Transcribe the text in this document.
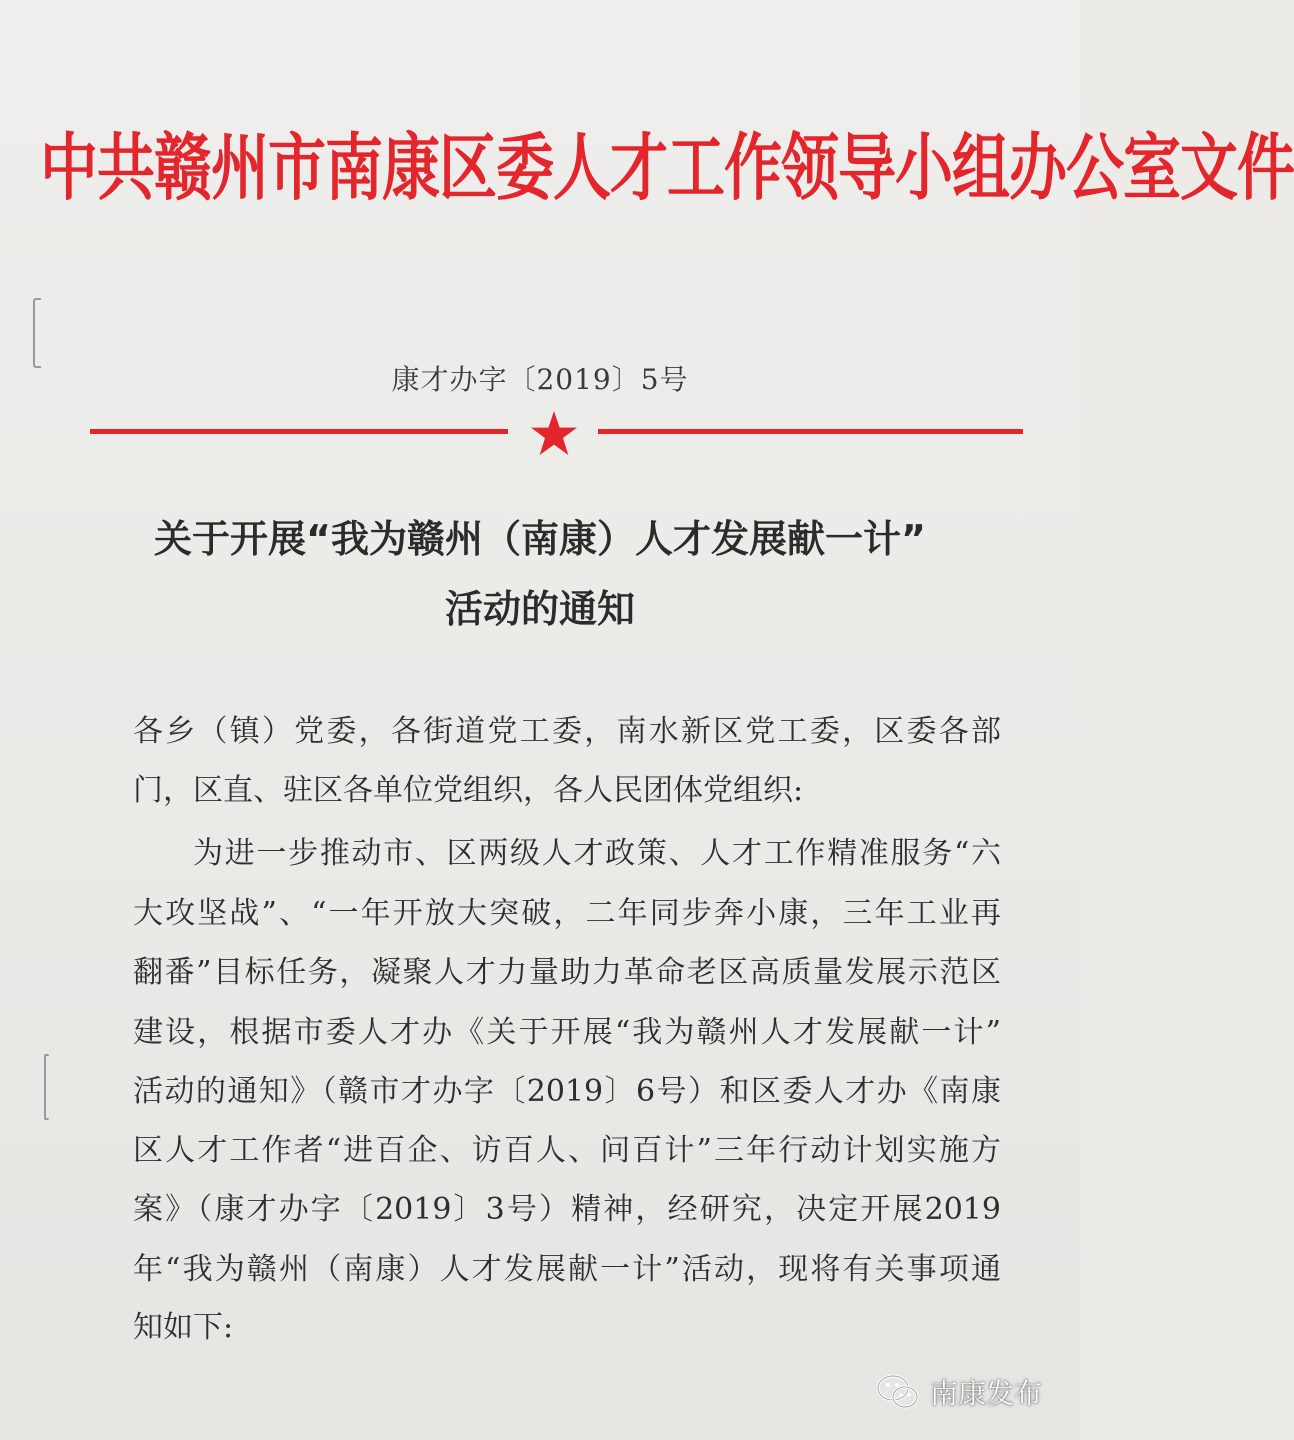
中共赣州市南康区委人才工作领导小组办公室文件
康才办字〔2019〕5号
关于开展“我为赣州（南康）人才发展献一计”
活动的通知
各乡（镇）党委，各街道党工委，南水新区党工委，区委各部
门，区直、驻区各单位党组织，各人民团体党组织:
为进一步推动市、区两级人才政策、人才工作精准服务“六
大攻坚战”、“一年开放大突破，二年同步奔小康，三年工业再
翻番”目标任务，凝聚人才力量助力革命老区高质量发展示范区
建设，根据市委人才办《关于开展“我为赣州人才发展献一计”
活动的通知》（赣市才办字〔2019〕6号）和区委人才办《南康
区人才工作者“进百企、访百人、问百计”三年行动计划实施方
案》（康才办字〔2019〕3号）精神，经研究，决定开展2019
年“我为赣州（南康）人才发展献一计”活动，现将有关事项通
知如下:
南康发布
